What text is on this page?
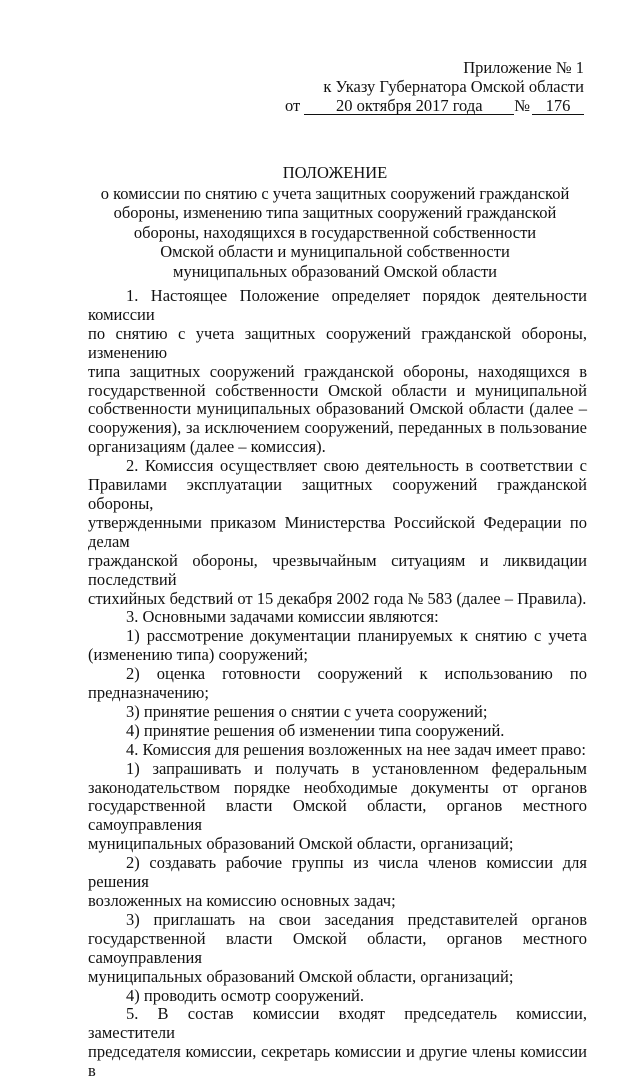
Приложение № 1
к Указу Губернатора Омской области
от	20 октября 2017 года	№ 176
ПОЛОЖЕНИЕ
о комиссии по снятию с учета защитных сооружений гражданской
обороны, изменению типа защитных сооружений гражданской
обороны, находящихся в государственной собственности
Омской области и муниципальной собственности
муниципальных образований Омской области

1. Настоящее Положение определяет порядок деятельности комиссии
по снятию с учета защитных сооружений гражданской обороны, изменению
типа защитных сооружений гражданской обороны, находящихся в
государственной собственности Омской области и муниципальной
собственности муниципальных образований Омской области (далее –
сооружения), за исключением сооружений, переданных в пользование
организациям (далее – комиссия).

2. Комиссия осуществляет свою деятельность в соответствии с
Правилами эксплуатации защитных сооружений гражданской обороны,
утвержденными приказом Министерства Российской Федерации по делам
гражданской обороны, чрезвычайным ситуациям и ликвидации последствий
стихийных бедствий от 15 декабря 2002 года № 583 (далее – Правила).

3. Основными задачами комиссии являются:

1) рассмотрение документации планируемых к снятию с учета
(изменению типа) сооружений;

2) оценка готовности сооружений к использованию по
предназначению;

3) принятие решения о снятии с учета сооружений;

4) принятие решения об изменении типа сооружений.

4. Комиссия для решения возложенных на нее задач имеет право:

1) запрашивать и получать в установленном федеральным
законодательством порядке необходимые документы от органов
государственной власти Омской области, органов местного самоуправления
муниципальных образований Омской области, организаций;

2) создавать рабочие группы из числа членов комиссии для решения
возложенных на комиссию основных задач;

3) приглашать на свои заседания представителей органов
государственной власти Омской области, органов местного самоуправления
муниципальных образований Омской области, организаций;

4) проводить осмотр сооружений.

5. В состав комиссии входят председатель комиссии, заместители
председателя комиссии, секретарь комиссии и другие члены комиссии в
